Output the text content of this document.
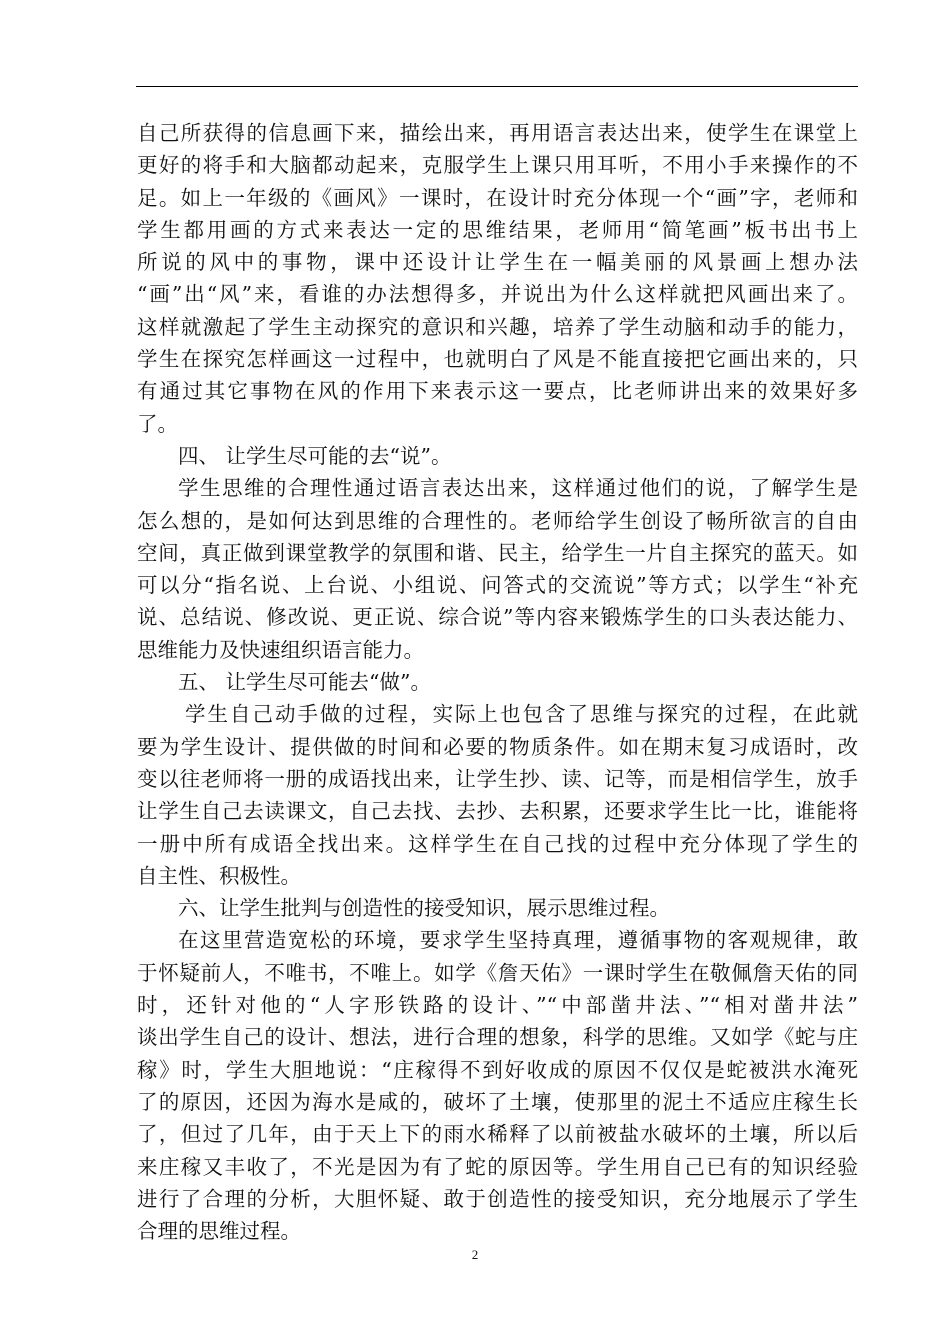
自己所获得的信息画下来，描绘出来，再用语言表达出来，使学生在课堂上
更好的将手和大脑都动起来，克服学生上课只用耳听，不用小手来操作的不
足。如上一年级的《画风》一课时，在设计时充分体现一个“画”字，老师和
学生都用画的方式来表达一定的思维结果，老师用“简笔画”板书出书上
所说的风中的事物，课中还设计让学生在一幅美丽的风景画上想办法
“画”出“风”来，看谁的办法想得多，并说出为什么这样就把风画出来了。
这样就激起了学生主动探究的意识和兴趣，培养了学生动脑和动手的能力，
学生在探究怎样画这一过程中，也就明白了风是不能直接把它画出来的，只
有通过其它事物在风的作用下来表示这一要点，比老师讲出来的效果好多
了。
四、 让学生尽可能的去“说”。
学生思维的合理性通过语言表达出来，这样通过他们的说，了解学生是
怎么想的，是如何达到思维的合理性的。老师给学生创设了畅所欲言的自由
空间，真正做到课堂教学的氛围和谐、民主，给学生一片自主探究的蓝天。如
可以分“指名说、上台说、小组说、问答式的交流说”等方式；以学生“补充
说、总结说、修改说、更正说、综合说”等内容来锻炼学生的口头表达能力、
思维能力及快速组织语言能力。
五、 让学生尽可能去“做”。
学生自己动手做的过程，实际上也包含了思维与探究的过程，在此就
要为学生设计、提供做的时间和必要的物质条件。如在期末复习成语时，改
变以往老师将一册的成语找出来，让学生抄、读、记等，而是相信学生，放手
让学生自己去读课文，自己去找、去抄、去积累，还要求学生比一比，谁能将
一册中所有成语全找出来。这样学生在自己找的过程中充分体现了学生的
自主性、积极性。
六、让学生批判与创造性的接受知识，展示思维过程。
在这里营造宽松的环境，要求学生坚持真理，遵循事物的客观规律，敢
于怀疑前人，不唯书，不唯上。如学《詹天佑》一课时学生在敬佩詹天佑的同
时，还针对他的“人字形铁路的设计、”“中部凿井法、”“相对凿井法”
谈出学生自己的设计、想法，进行合理的想象，科学的思维。又如学《蛇与庄
稼》时，学生大胆地说：“庄稼得不到好收成的原因不仅仅是蛇被洪水淹死
了的原因，还因为海水是咸的，破坏了土壤，使那里的泥土不适应庄稼生长
了，但过了几年，由于天上下的雨水稀释了以前被盐水破坏的土壤，所以后
来庄稼又丰收了，不光是因为有了蛇的原因等。学生用自己已有的知识经验
进行了合理的分析，大胆怀疑、敢于创造性的接受知识，充分地展示了学生
合理的思维过程。
2
